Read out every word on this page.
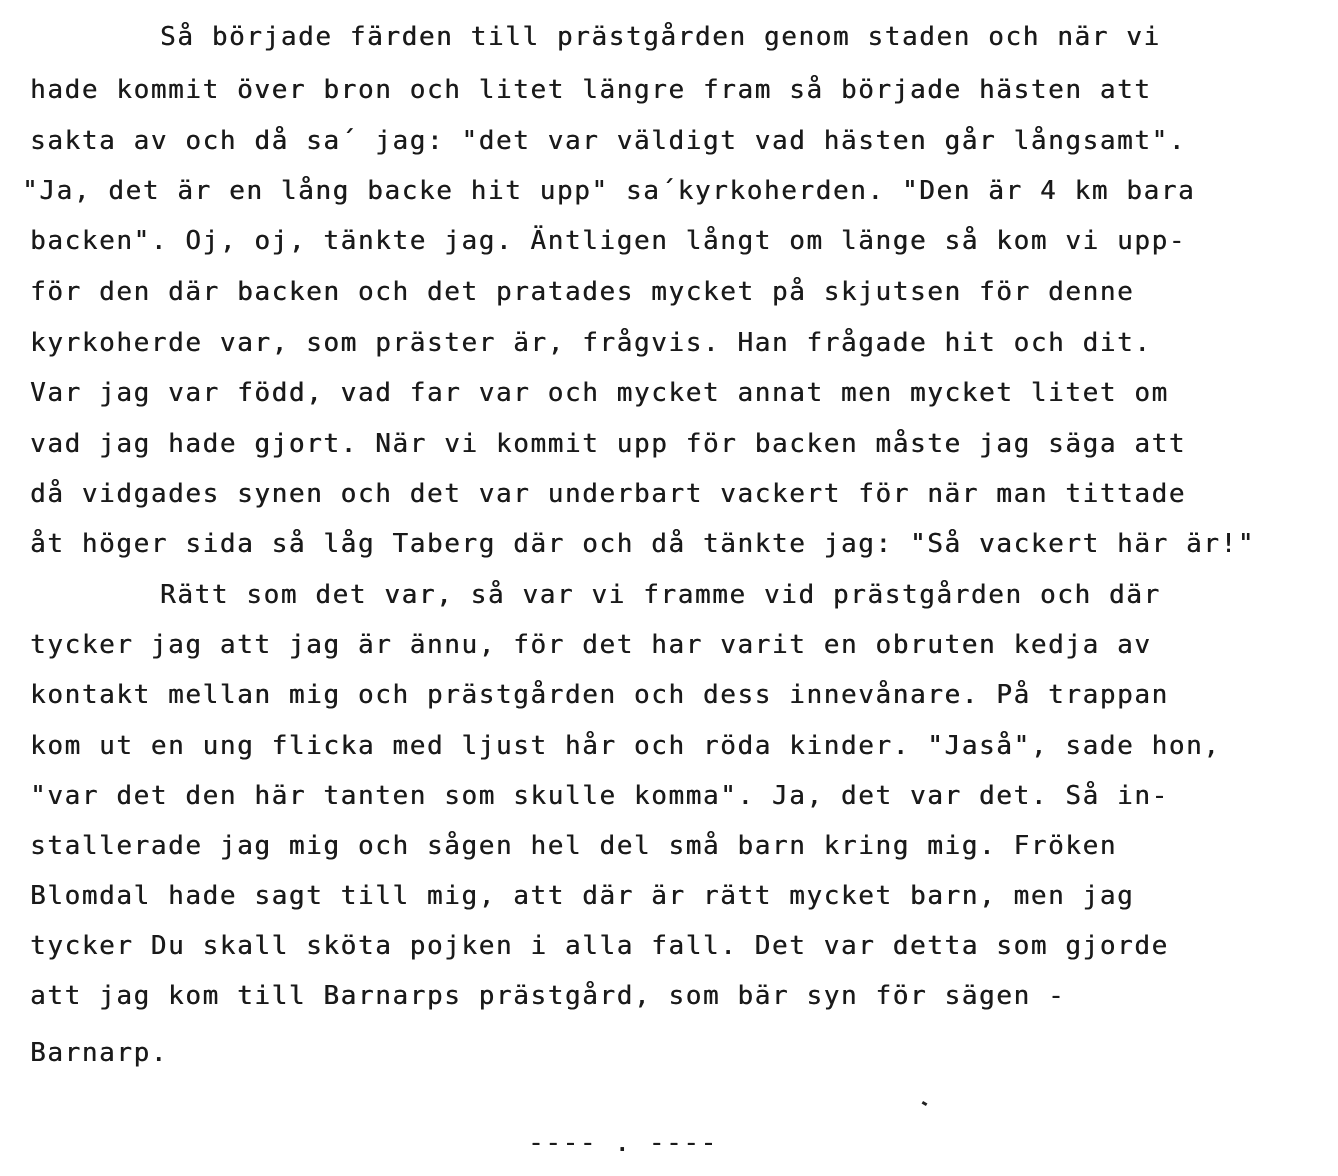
Så började färden till prästgården genom staden och när vi
hade kommit över bron och litet längre fram så började hästen att
sakta av och då sa´ jag: "det var väldigt vad hästen går långsamt".
"Ja, det är en lång backe hit upp" sa´kyrkoherden. "Den är 4 km bara
backen". Oj, oj, tänkte jag. Äntligen långt om länge så kom vi upp-
för den där backen och det pratades mycket på skjutsen för denne
kyrkoherde var, som präster är, frågvis. Han frågade hit och dit.
Var jag var född, vad far var och mycket annat men mycket litet om
vad jag hade gjort. När vi kommit upp för backen måste jag säga att
då vidgades synen och det var underbart vackert för när man tittade
åt höger sida så låg Taberg där och då tänkte jag: "Så vackert här är!"
Rätt som det var, så var vi framme vid prästgården och där
tycker jag att jag är ännu, för det har varit en obruten kedja av
kontakt mellan mig och prästgården och dess innevånare. På trappan
kom ut en ung flicka med ljust hår och röda kinder. "Jaså", sade hon,
"var det den här tanten som skulle komma". Ja, det var det. Så in-
stallerade jag mig och sågen hel del små barn kring mig. Fröken
Blomdal hade sagt till mig, att där är rätt mycket barn, men jag
tycker Du skall sköta pojken i alla fall. Det var detta som gjorde
att jag kom till Barnarps prästgård, som bär syn för sägen -
Barnarp.
---- . ----
